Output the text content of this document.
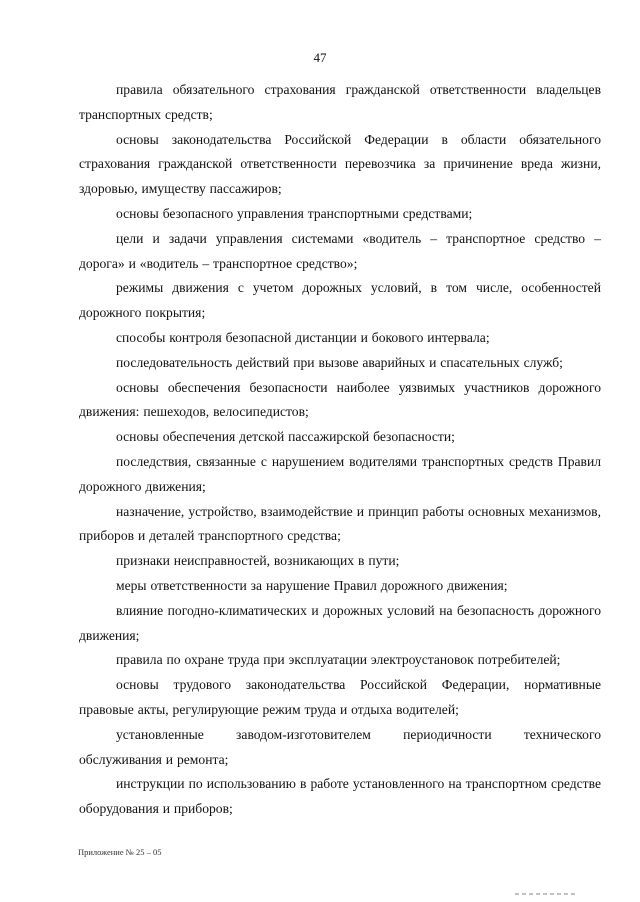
47

правила обязательного страхования гражданской ответственности владельцев транспортных средств;

основы законодательства Российской Федерации в области обязательного страхования гражданской ответственности перевозчика за причинение вреда жизни, здоровью, имуществу пассажиров;

основы безопасного управления транспортными средствами;

цели и задачи управления системами «водитель – транспортное средство – дорога» и «водитель – транспортное средство»;

режимы движения с учетом дорожных условий, в том числе, особенностей дорожного покрытия;

способы контроля безопасной дистанции и бокового интервала;

последовательность действий при вызове аварийных и спасательных служб;

основы обеспечения безопасности наиболее уязвимых участников дорожного движения: пешеходов, велосипедистов;

основы обеспечения детской пассажирской безопасности;

последствия, связанные с нарушением водителями транспортных средств Правил дорожного движения;

назначение, устройство, взаимодействие и принцип работы основных механизмов, приборов и деталей транспортного средства;

признаки неисправностей, возникающих в пути;

меры ответственности за нарушение Правил дорожного движения;

влияние погодно-климатических и дорожных условий на безопасность дорожного движения;

правила по охране труда при эксплуатации электроустановок потребителей;

основы трудового законодательства Российской Федерации, нормативные правовые акты, регулирующие режим труда и отдыха водителей;

установленные заводом-изготовителем периодичности технического обслуживания и ремонта;

инструкции по использованию в работе установленного на транспортном средстве оборудования и приборов;

Приложение № 25 – 05
